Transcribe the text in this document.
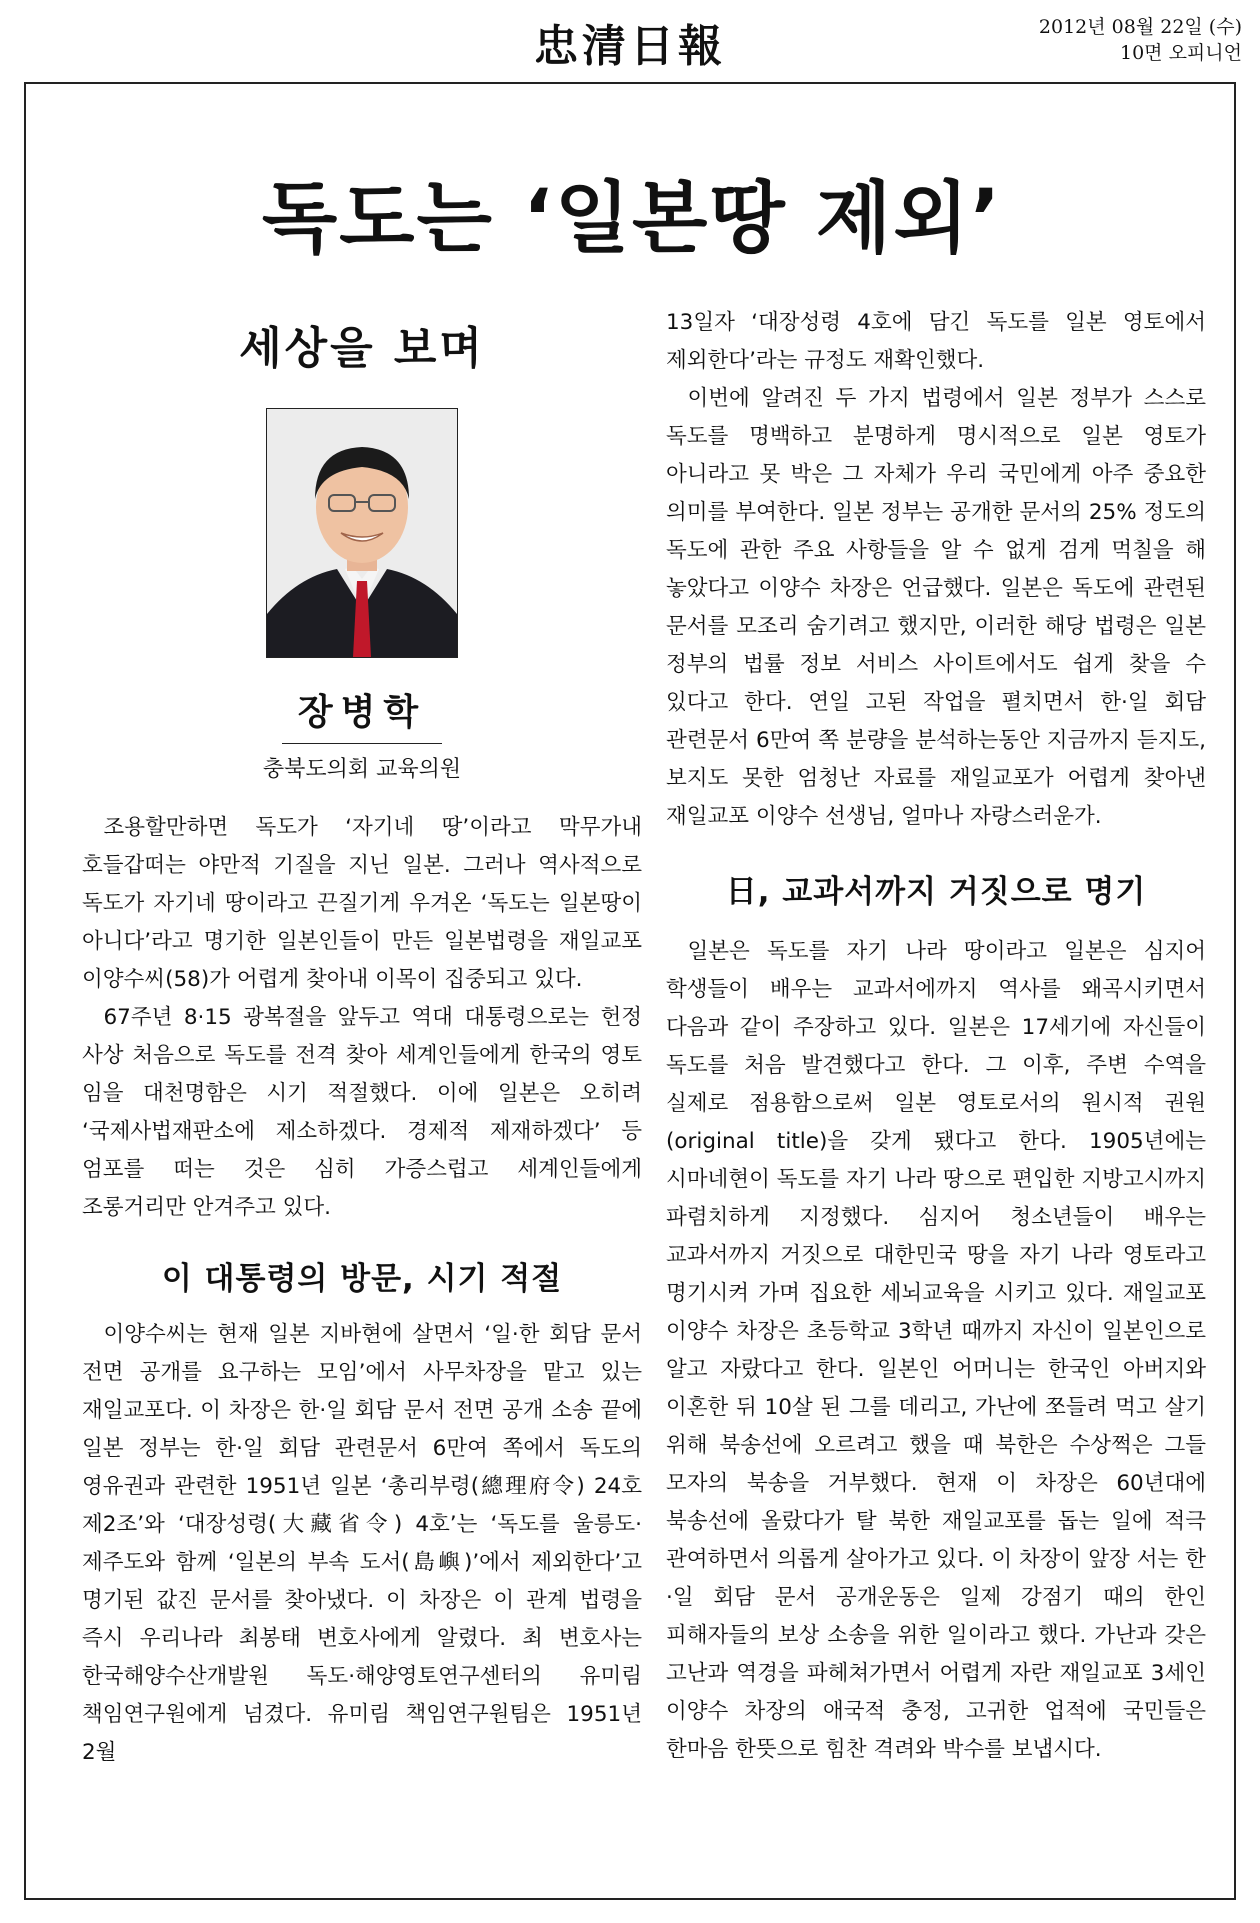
忠清日報	2012년 08월 22일 (수)
10면 오피니언
독도는 ‘일본땅 제외’
세상을 보며
장병학
충북도의회 교육의원

조용할만하면 독도가 ‘자기네 땅’이라고 막무가내 호들갑떠는 야만적 기질을 지닌 일본. 그러나 역사적으로 독도가 자기네 땅이라고 끈질기게 우겨온 ‘독도는 일본땅이 아니다’라고 명기한 일본인들이 만든 일본법령을 재일교포 이양수씨(58)가 어렵게 찾아내 이목이 집중되고 있다.

67주년 8·15 광복절을 앞두고 역대 대통령으로는 헌정 사상 처음으로 독도를 전격 찾아 세계인들에게 한국의 영토 임을 대천명함은 시기 적절했다. 이에 일본은 오히려 ‘국제사법재판소에 제소하겠다. 경제적 제재하겠다’ 등 엄포를 떠는 것은 심히 가증스럽고 세계인들에게 조롱거리만 안겨주고 있다.

이 대통령의 방문, 시기 적절

이양수씨는 현재 일본 지바현에 살면서 ‘일·한 회담 문서 전면 공개를 요구하는 모임’에서 사무차장을 맡고 있는 재일교포다. 이 차장은 한·일 회담 문서 전면 공개 소송 끝에 일본 정부는 한·일 회담 관련문서 6만여 쪽에서 독도의 영유권과 관련한 1951년 일본 ‘총리부령(總理府令) 24호 제2조’와 ‘대장성령(大藏省令) 4호’는 ‘독도를 울릉도·제주도와 함께 ‘일본의 부속 도서(島嶼)’에서 제외한다’고 명기된 값진 문서를 찾아냈다. 이 차장은 이 관계 법령을 즉시 우리나라 최봉태 변호사에게 알렸다. 최 변호사는 한국해양수산개발원 독도·해양영토연구센터의 유미림 책임연구원에게 넘겼다. 유미림 책임연구원팀은 1951년 2월

13일자 ‘대장성령 4호에 담긴 독도를 일본 영토에서 제외한다’라는 규정도 재확인했다.

이번에 알려진 두 가지 법령에서 일본 정부가 스스로 독도를 명백하고 분명하게 명시적으로 일본 영토가 아니라고 못 박은 그 자체가 우리 국민에게 아주 중요한 의미를 부여한다. 일본 정부는 공개한 문서의 25% 정도의 독도에 관한 주요 사항들을 알 수 없게 검게 먹칠을 해 놓았다고 이양수 차장은 언급했다. 일본은 독도에 관련된 문서를 모조리 숨기려고 했지만, 이러한 해당 법령은 일본 정부의 법률 정보 서비스 사이트에서도 쉽게 찾을 수 있다고 한다. 연일 고된 작업을 펼치면서 한·일 회담 관련문서 6만여 쪽 분량을 분석하는동안 지금까지 듣지도, 보지도 못한 엄청난 자료를 재일교포가 어렵게 찾아낸 재일교포 이양수 선생님, 얼마나 자랑스러운가.

日, 교과서까지 거짓으로 명기

일본은 독도를 자기 나라 땅이라고 일본은 심지어 학생들이 배우는 교과서에까지 역사를 왜곡시키면서 다음과 같이 주장하고 있다. 일본은 17세기에 자신들이 독도를 처음 발견했다고 한다. 그 이후, 주변 수역을 실제로 점용함으로써 일본 영토로서의 원시적 권원(original title)을 갖게 됐다고 한다. 1905년에는 시마네현이 독도를 자기 나라 땅으로 편입한 지방고시까지 파렴치하게 지정했다. 심지어 청소년들이 배우는 교과서까지 거짓으로 대한민국 땅을 자기 나라 영토라고 명기시켜 가며 집요한 세뇌교육을 시키고 있다. 재일교포 이양수 차장은 초등학교 3학년 때까지 자신이 일본인으로 알고 자랐다고 한다. 일본인 어머니는 한국인 아버지와 이혼한 뒤 10살 된 그를 데리고, 가난에 쪼들려 먹고 살기 위해 북송선에 오르려고 했을 때 북한은 수상쩍은 그들 모자의 북송을 거부했다. 현재 이 차장은 60년대에 북송선에 올랐다가 탈 북한 재일교포를 돕는 일에 적극 관여하면서 의롭게 살아가고 있다. 이 차장이 앞장 서는 한·일 회담 문서 공개운동은 일제 강점기 때의 한인 피해자들의 보상 소송을 위한 일이라고 했다. 가난과 갖은 고난과 역경을 파헤쳐가면서 어렵게 자란 재일교포 3세인 이양수 차장의 애국적 충정, 고귀한 업적에 국민들은 한마음 한뜻으로 힘찬 격려와 박수를 보냅시다.
